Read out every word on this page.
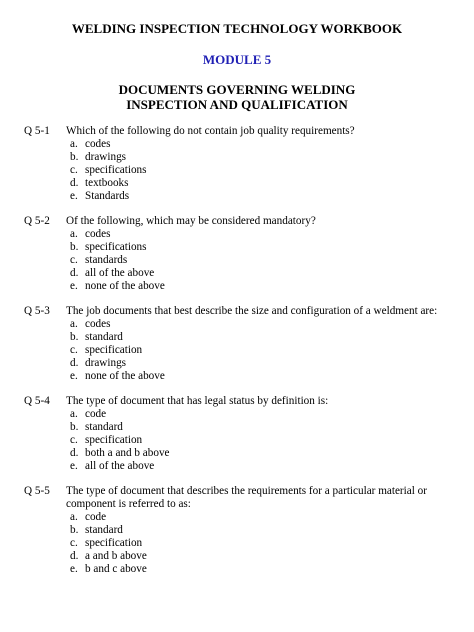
WELDING INSPECTION TECHNOLOGY WORKBOOK
MODULE 5
DOCUMENTS GOVERNING WELDING
INSPECTION AND QUALIFICATION
Q 5-1 Which of the following do not contain job quality requirements?
a. codes
b. drawings
c. specifications
d. textbooks
e. Standards
Q 5-2 Of the following, which may be considered mandatory?
a. codes
b. specifications
c. standards
d. all of the above
e. none of the above
Q 5-3 The job documents that best describe the size and configuration of a weldment are:
a. codes
b. standard
c. specification
d. drawings
e. none of the above
Q 5-4 The type of document that has legal status by definition is:
a. code
b. standard
c. specification
d. both a and b above
e. all of the above
Q 5-5 The type of document that describes the requirements for a particular material or
component is referred to as:
a. code
b. standard
c. specification
d. a and b above
e. b and c above
